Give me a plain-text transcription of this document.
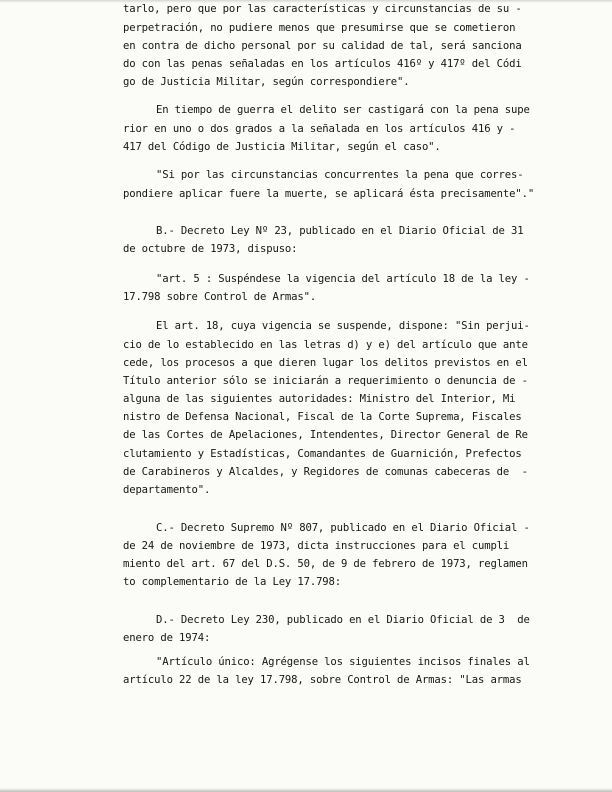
tarlo, pero que por las características y circunstancias de su -
perpetración, no pudiere menos que presumirse que se cometieron
en contra de dicho personal por su calidad de tal, será sanciona
do con las penas señaladas en los artículos 416º y 417º del Códi
go de Justicia Militar, según correspondiere".
En tiempo de guerra el delito ser castigará con la pena supe
rior en uno o dos grados a la señalada en los artículos 416 y -
417 del Código de Justicia Militar, según el caso".
"Si por las circunstancias concurrentes la pena que corres-
pondiere aplicar fuere la muerte, se aplicará ésta precisamente"."
B.- Decreto Ley Nº 23, publicado en el Diario Oficial de 31
de octubre de 1973, dispuso:
"art. 5 : Suspéndese la vigencia del artículo 18 de la ley -
17.798 sobre Control de Armas".
El art. 18, cuya vigencia se suspende, dispone: "Sin perjui-
cio de lo establecido en las letras d) y e) del artículo que ante
cede, los procesos a que dieren lugar los delitos previstos en el
Título anterior sólo se iniciarán a requerimiento o denuncia de -
alguna de las siguientes autoridades: Ministro del Interior, Mi
nistro de Defensa Nacional, Fiscal de la Corte Suprema, Fiscales
de las Cortes de Apelaciones, Intendentes, Director General de Re
clutamiento y Estadísticas, Comandantes de Guarnición, Prefectos
de Carabineros y Alcaldes, y Regidores de comunas cabeceras de  -
departamento".
C.- Decreto Supremo Nº 807, publicado en el Diario Oficial -
de 24 de noviembre de 1973, dicta instrucciones para el cumpli
miento del art. 67 del D.S. 50, de 9 de febrero de 1973, reglamen
to complementario de la Ley 17.798:
D.- Decreto Ley 230, publicado en el Diario Oficial de 3  de
enero de 1974:
"Artículo único: Agrégense los siguientes incisos finales al
artículo 22 de la ley 17.798, sobre Control de Armas: "Las armas
